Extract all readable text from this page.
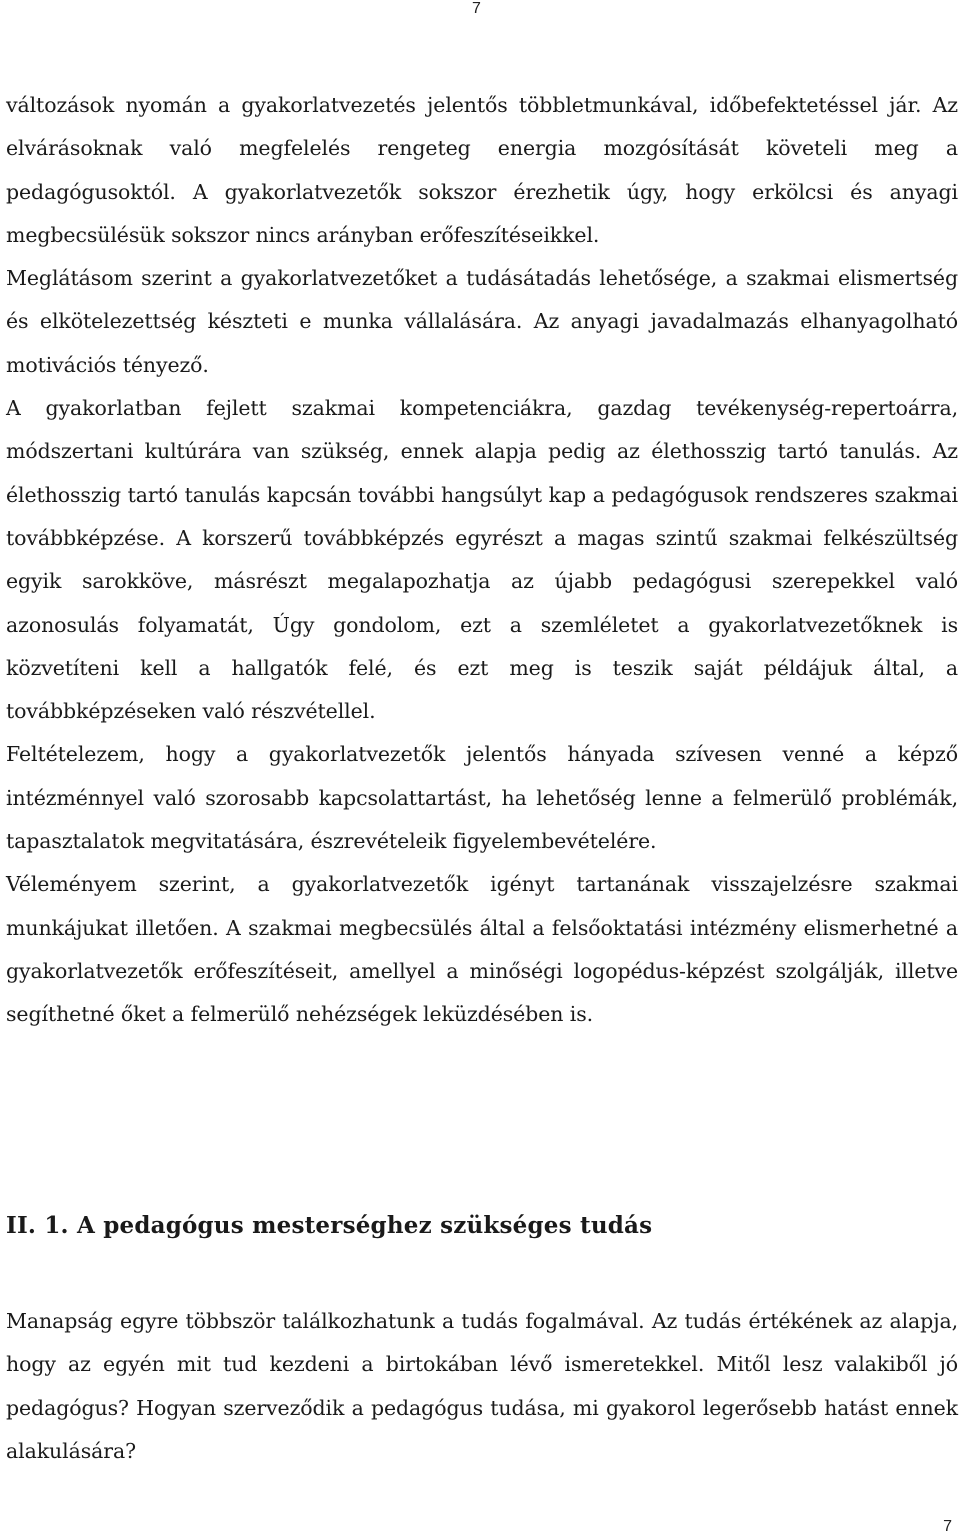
7

változások nyomán a gyakorlatvezetés jelentős többletmunkával, időbefektetéssel jár. Az elvárásoknak való megfelelés rengeteg energia mozgósítását követeli meg a pedagógusoktól. A gyakorlatvezetők sokszor érezhetik úgy, hogy erkölcsi és anyagi megbecsülésük sokszor nincs arányban erőfeszítéseikkel.

Meglátásom szerint a gyakorlatvezetőket a tudásátadás lehetősége, a szakmai elismertség és elkötelezettség készteti e munka vállalására. Az anyagi javadalmazás elhanyagolható motivációs tényező.

A gyakorlatban fejlett szakmai kompetenciákra, gazdag tevékenység-repertoárra, módszertani kultúrára van szükség, ennek alapja pedig az élethosszig tartó tanulás. Az élethosszig tartó tanulás kapcsán további hangsúlyt kap a pedagógusok rendszeres szakmai továbbképzése. A korszerű továbbképzés egyrészt a magas szintű szakmai felkészültség egyik sarokköve, másrészt megalapozhatja az újabb pedagógusi szerepekkel való azonosulás folyamatát, Úgy gondolom, ezt a szemléletet a gyakorlatvezetőknek is közvetíteni kell a hallgatók felé, és ezt meg is teszik saját példájuk által, a továbbképzéseken való részvétellel.

Feltételezem, hogy a gyakorlatvezetők jelentős hányada szívesen venné a képző intézménnyel való szorosabb kapcsolattartást, ha lehetőség lenne a felmerülő problémák, tapasztalatok megvitatására, észrevételeik figyelembevételére.

Véleményem szerint, a gyakorlatvezetők igényt tartanának visszajelzésre szakmai munkájukat illetően. A szakmai megbecsülés által a felsőoktatási intézmény elismerhetné a gyakorlatvezetők erőfeszítéseit, amellyel a minőségi logopédus-képzést szolgálják, illetve segíthetné őket a felmerülő nehézségek leküzdésében is.

II. 1. A pedagógus mesterséghez szükséges tudás

Manapság egyre többször találkozhatunk a tudás fogalmával. Az tudás értékének az alapja, hogy az egyén mit tud kezdeni a birtokában lévő ismeretekkel. Mitől lesz valakiből jó pedagógus? Hogyan szerveződik a pedagógus tudása, mi gyakorol legerősebb hatást ennek alakulására?

7
